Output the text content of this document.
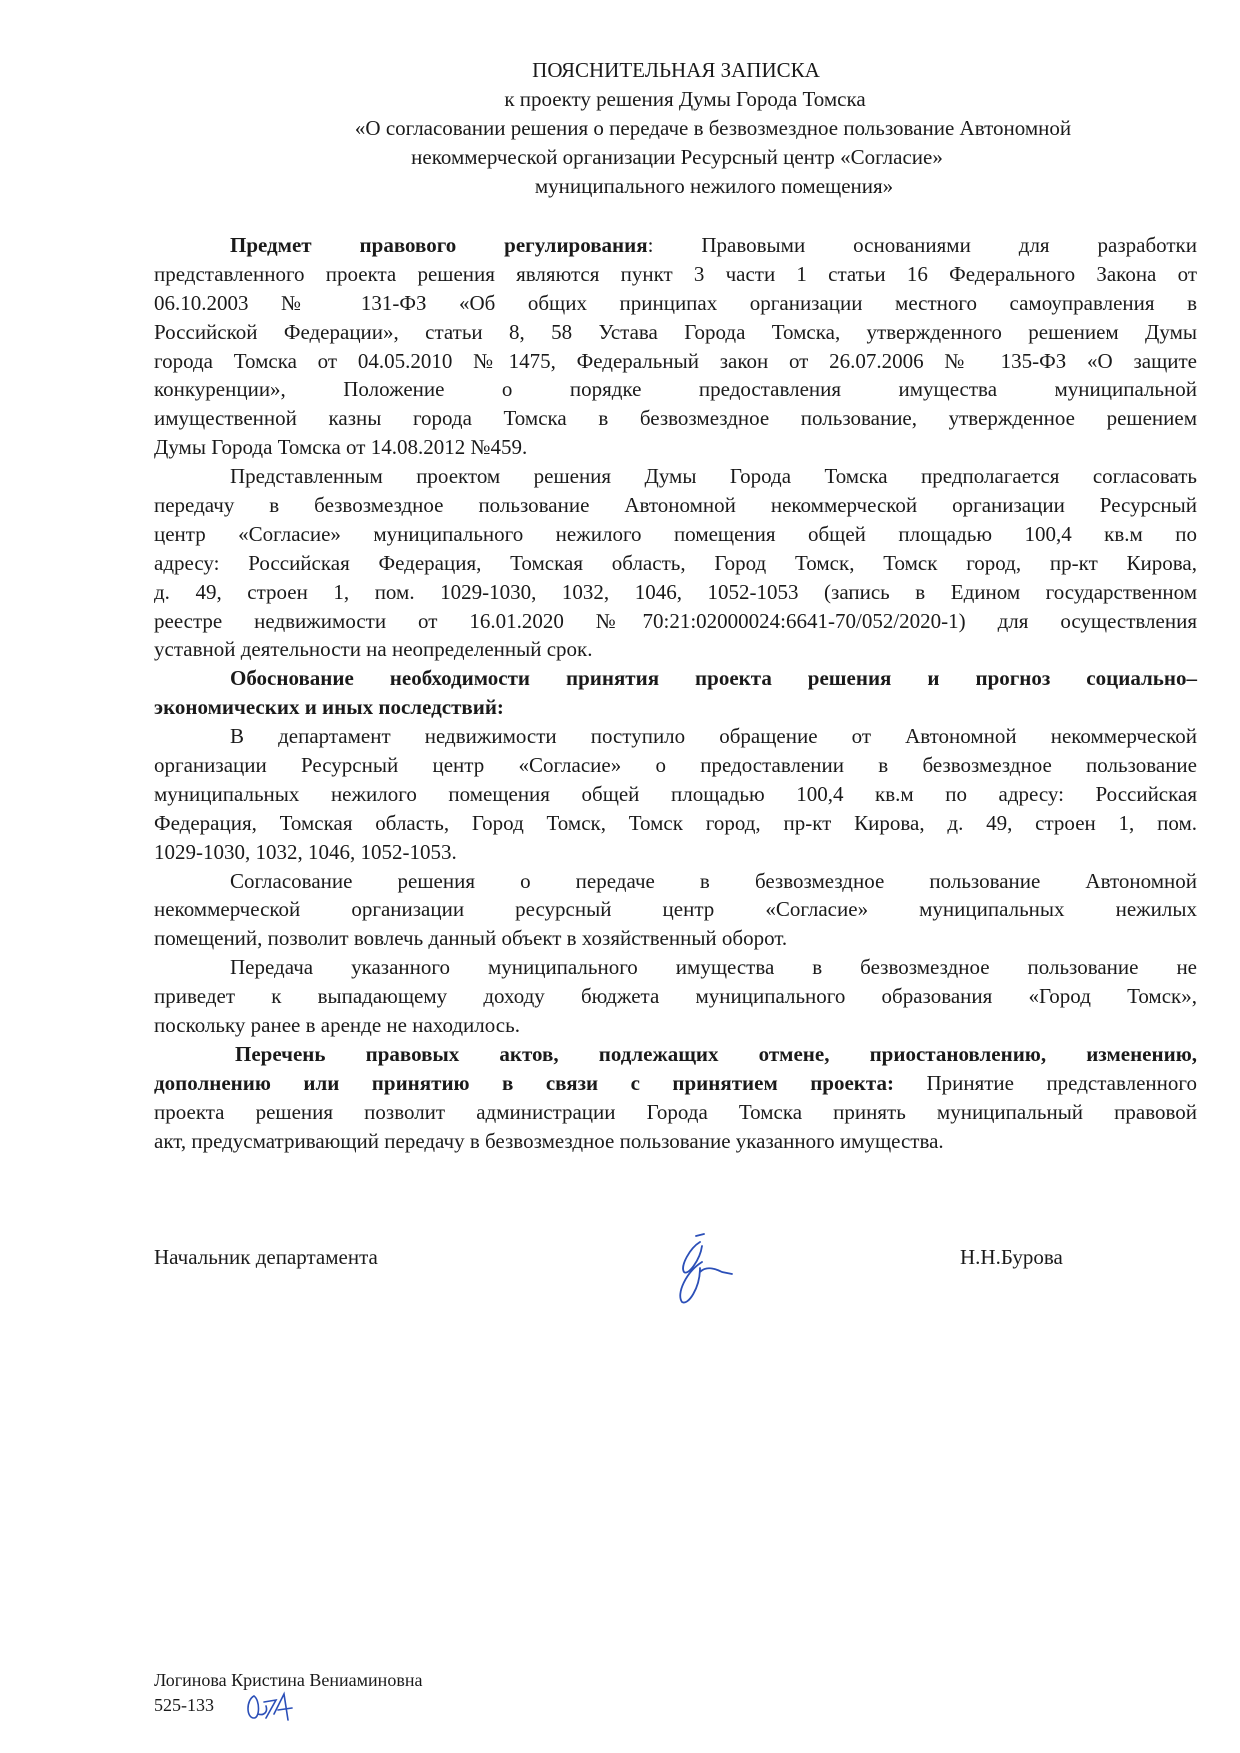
ПОЯСНИТЕЛЬНАЯ ЗАПИСКА
к проекту решения Думы Города Томска
«О согласовании решения о передаче в безвозмездное пользование Автономной
некоммерческой организации Ресурсный центр «Согласие»
муниципального нежилого помещения»
Предмет правового регулирования: Правовыми основаниями для разработки
представленного проекта решения являются пункт 3 части 1 статьи 16 Федерального Закона от
06.10.2003 № 131-ФЗ «Об общих принципах организации местного самоуправления в
Российской Федерации», статьи 8, 58 Устава Города Томска, утвержденного решением Думы
города Томска от 04.05.2010 №1475, Федеральный закон от 26.07.2006 № 135-ФЗ «О защите
конкуренции», Положение о порядке предоставления имущества муниципальной
имущественной казны города Томска в безвозмездное пользование, утвержденное решением
Думы Города Томска от 14.08.2012 №459.
Представленным проектом решения Думы Города Томска предполагается согласовать
передачу в безвозмездное пользование Автономной некоммерческой организации Ресурсный
центр «Согласие» муниципального нежилого помещения общей площадью 100,4 кв.м по
адресу: Российская Федерация, Томская область, Город Томск, Томск город, пр-кт Кирова,
д. 49, строен 1, пом. 1029-1030, 1032, 1046, 1052-1053 (запись в Едином государственном
реестре недвижимости от 16.01.2020 №70:21:02000024:6641-70/052/2020-1) для осуществления
уставной деятельности на неопределенный срок.
Обоснование необходимости принятия проекта решения и прогноз социально–
экономических и иных последствий:
В департамент недвижимости поступило обращение от Автономной некоммерческой
организации Ресурсный центр «Согласие» о предоставлении в безвозмездное пользование
муниципальных нежилого помещения общей площадью 100,4 кв.м по адресу: Российская
Федерация, Томская область, Город Томск, Томск город, пр-кт Кирова, д. 49, строен 1, пом.
1029-1030, 1032, 1046, 1052-1053.
Согласование решения о передаче в безвозмездное пользование Автономной
некоммерческой организации ресурсный центр «Согласие» муниципальных нежилых
помещений, позволит вовлечь данный объект в хозяйственный оборот.
Передача указанного муниципального имущества в безвозмездное пользование не
приведет к выпадающему доходу бюджета муниципального образования «Город Томск»,
поскольку ранее в аренде не находилось.
Перечень правовых актов, подлежащих отмене, приостановлению, изменению,
дополнению или принятию в связи с принятием проекта: Принятие представленного
проекта решения позволит администрации Города Томска принять муниципальный правовой
акт, предусматривающий передачу в безвозмездное пользование указанного имущества.
Начальник департамента	Н.Н.Бурова
Логинова Кристина Вениаминовна
525-133
